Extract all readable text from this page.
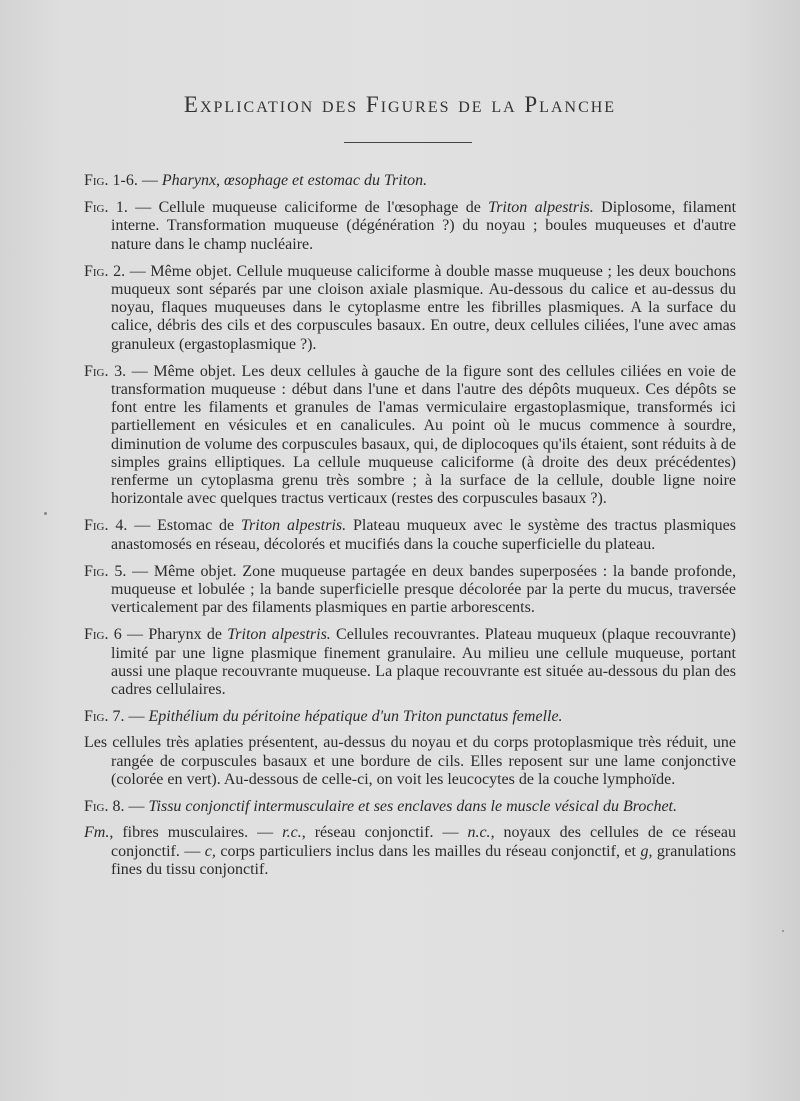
Explication des Figures de la Planche

Fig. 1-6. — Pharynx, œsophage et estomac du Triton.

Fig. 1. — Cellule muqueuse caliciforme de l'œsophage de Triton alpestris. Diplosome, filament interne. Transformation muqueuse (dégénération ?) du noyau ; boules muqueuses et d'autre nature dans le champ nucléaire.

Fig. 2. — Même objet. Cellule muqueuse caliciforme à double masse muqueuse ; les deux bouchons muqueux sont séparés par une cloison axiale plasmique. Au-dessous du calice et au-dessus du noyau, flaques muqueuses dans le cytoplasme entre les fibrilles plasmiques. A la surface du calice, débris des cils et des corpuscules basaux. En outre, deux cellules ciliées, l'une avec amas granuleux (ergastoplasmique ?).

Fig. 3. — Même objet. Les deux cellules à gauche de la figure sont des cellules ciliées en voie de transformation muqueuse : début dans l'une et dans l'autre des dépôts muqueux. Ces dépôts se font entre les filaments et granules de l'amas vermiculaire ergastoplasmique, transformés ici partiellement en vésicules et en canalicules. Au point où le mucus commence à sourdre, diminution de volume des corpuscules basaux, qui, de diplocoques qu'ils étaient, sont réduits à de simples grains elliptiques. La cellule muqueuse caliciforme (à droite des deux précédentes) renferme un cytoplasma grenu très sombre ; à la surface de la cellule, double ligne noire horizontale avec quelques tractus verticaux (restes des corpuscules basaux ?).

Fig. 4. — Estomac de Triton alpestris. Plateau muqueux avec le système des tractus plasmiques anastomosés en réseau, décolorés et mucifiés dans la couche superficielle du plateau.

Fig. 5. — Même objet. Zone muqueuse partagée en deux bandes superposées : la bande profonde, muqueuse et lobulée ; la bande superficielle presque décolorée par la perte du mucus, traversée verticalement par des filaments plasmiques en partie arborescents.

Fig. 6 — Pharynx de Triton alpestris. Cellules recouvrantes. Plateau muqueux (plaque recouvrante) limité par une ligne plasmique finement granulaire. Au milieu une cellule muqueuse, portant aussi une plaque recouvrante muqueuse. La plaque recouvrante est située au-dessous du plan des cadres cellulaires.

Fig. 7. — Epithélium du péritoine hépatique d'un Triton punctatus femelle.

Les cellules très aplaties présentent, au-dessus du noyau et du corps protoplasmique très réduit, une rangée de corpuscules basaux et une bordure de cils. Elles reposent sur une lame conjonctive (colorée en vert). Au-dessous de celle-ci, on voit les leucocytes de la couche lymphoïde.

Fig. 8. — Tissu conjonctif intermusculaire et ses enclaves dans le muscle vésical du Brochet.

Fm., fibres musculaires. — r.c., réseau conjonctif. — n.c., noyaux des cellules de ce réseau conjonctif. — c, corps particuliers inclus dans les mailles du réseau conjonctif, et g, granulations fines du tissu conjonctif.
